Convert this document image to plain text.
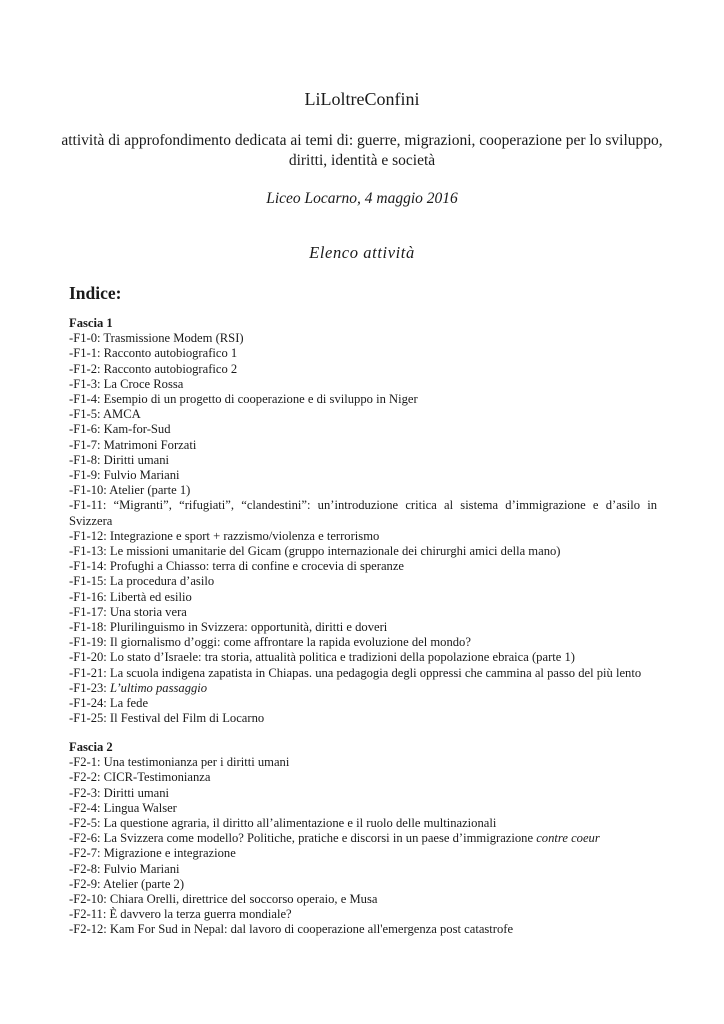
LiLoltreConfini
attività di approfondimento dedicata ai temi di: guerre, migrazioni, cooperazione per lo sviluppo, diritti, identità e società
Liceo Locarno, 4 maggio 2016
Elenco attività
Indice:
Fascia 1
-F1-0: Trasmissione Modem (RSI)
-F1-1: Racconto autobiografico 1
-F1-2: Racconto autobiografico 2
-F1-3: La Croce Rossa
-F1-4: Esempio di un progetto di cooperazione e di sviluppo in Niger
-F1-5: AMCA
-F1-6: Kam-for-Sud
-F1-7: Matrimoni Forzati
-F1-8: Diritti umani
-F1-9: Fulvio Mariani
-F1-10: Atelier (parte 1)
-F1-11: “Migranti”, “rifugiati”, “clandestini”: un’introduzione critica al sistema d’immigrazione e d’asilo in Svizzera
-F1-12: Integrazione e sport + razzismo/violenza e terrorismo
-F1-13: Le missioni umanitarie del Gicam (gruppo internazionale dei chirurghi amici della mano)
-F1-14: Profughi a Chiasso: terra di confine e crocevia di speranze
-F1-15: La procedura d’asilo
-F1-16: Libertà ed esilio
-F1-17: Una storia vera
-F1-18: Plurilinguismo in Svizzera: opportunità, diritti e doveri
-F1-19: Il giornalismo d’oggi: come affrontare la rapida evoluzione del mondo?
-F1-20: Lo stato d’Israele: tra storia, attualità politica e tradizioni della popolazione ebraica (parte 1)
-F1-21: La scuola indigena zapatista in Chiapas. una pedagogia degli oppressi che cammina al passo del più lento
-F1-23: L’ultimo passaggio
-F1-24: La fede
-F1-25: Il Festival del Film di Locarno
Fascia 2
-F2-1: Una testimonianza per i diritti umani
-F2-2: CICR-Testimonianza
-F2-3: Diritti umani
-F2-4: Lingua Walser
-F2-5: La questione agraria, il diritto all’alimentazione e il ruolo delle multinazionali
-F2-6: La Svizzera come modello? Politiche, pratiche e discorsi in un paese d’immigrazione contre coeur
-F2-7: Migrazione e integrazione
-F2-8: Fulvio Mariani
-F2-9: Atelier (parte 2)
-F2-10: Chiara Orelli, direttrice del soccorso operaio, e Musa
-F2-11: È davvero la terza guerra mondiale?
-F2-12: Kam For Sud in Nepal: dal lavoro di cooperazione all'emergenza post catastrofe
